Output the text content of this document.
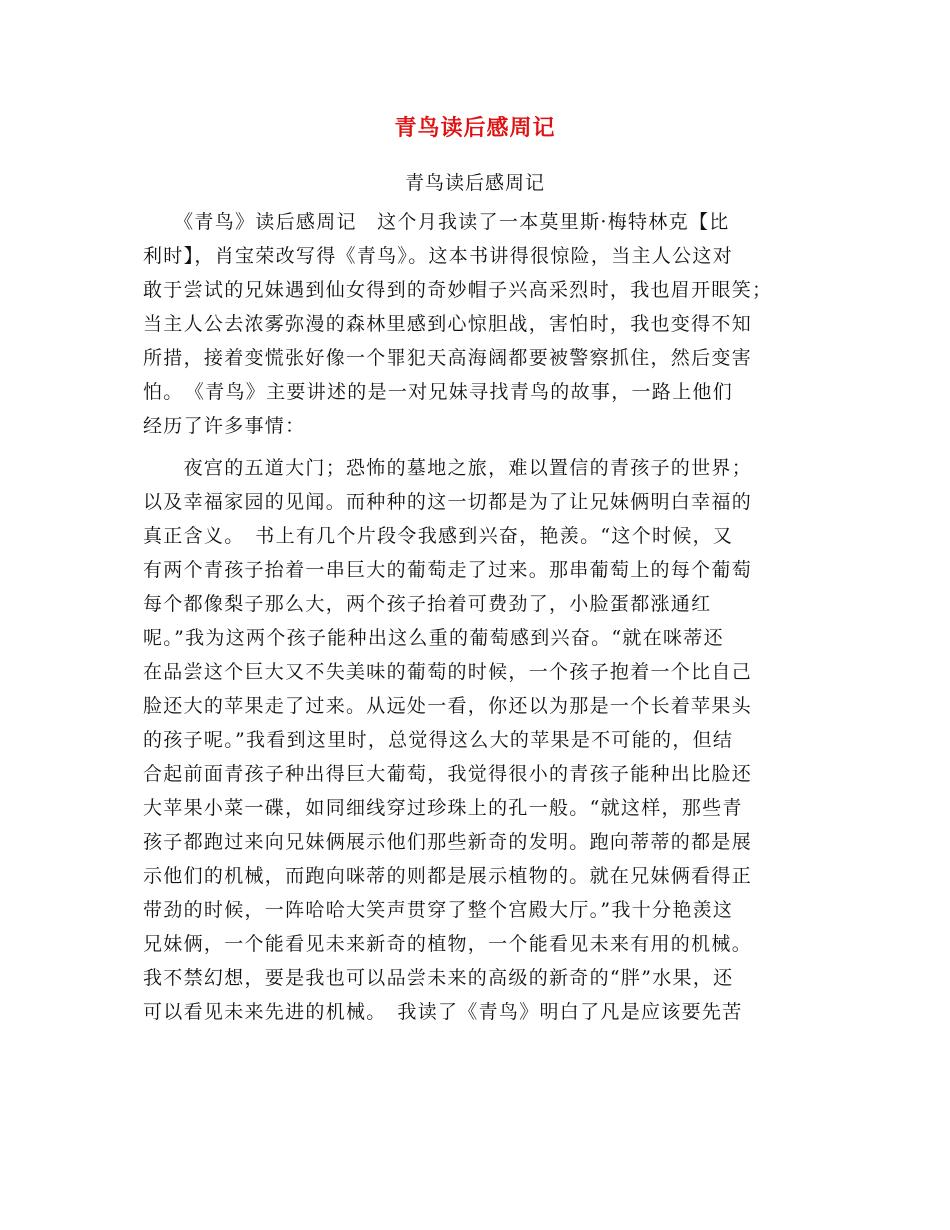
青鸟读后感周记
青鸟读后感周记
　　《青鸟》读后感周记　这个月我读了一本莫里斯·梅特林克【比
利时】，肖宝荣改写得《青鸟》。这本书讲得很惊险，当主人公这对
敢于尝试的兄妹遇到仙女得到的奇妙帽子兴高采烈时，我也眉开眼笑；
当主人公去浓雾弥漫的森林里感到心惊胆战，害怕时，我也变得不知
所措，接着变慌张好像一个罪犯天高海阔都要被警察抓住，然后变害
怕。　《青鸟》主要讲述的是一对兄妹寻找青鸟的故事，一路上他们
经历了许多事情：
　　夜宫的五道大门；恐怖的墓地之旅，难以置信的青孩子的世界；
以及幸福家园的见闻。而种种的这一切都是为了让兄妹俩明白幸福的
真正含义。　书上有几个片段令我感到兴奋，艳羡。“这个时候，又
有两个青孩子抬着一串巨大的葡萄走了过来。那串葡萄上的每个葡萄
每个都像梨子那么大，两个孩子抬着可费劲了，小脸蛋都涨通红
呢。”我为这两个孩子能种出这么重的葡萄感到兴奋。“就在咪蒂还
在品尝这个巨大又不失美味的葡萄的时候，一个孩子抱着一个比自己
脸还大的苹果走了过来。从远处一看，你还以为那是一个长着苹果头
的孩子呢。”我看到这里时，总觉得这么大的苹果是不可能的，但结
合起前面青孩子种出得巨大葡萄，我觉得很小的青孩子能种出比脸还
大苹果小菜一碟，如同细线穿过珍珠上的孔一般。“就这样，那些青
孩子都跑过来向兄妹俩展示他们那些新奇的发明。跑向蒂蒂的都是展
示他们的机械，而跑向咪蒂的则都是展示植物的。就在兄妹俩看得正
带劲的时候，一阵哈哈大笑声贯穿了整个宫殿大厅。”我十分艳羡这
兄妹俩，一个能看见未来新奇的植物，一个能看见未来有用的机械。
我不禁幻想，要是我也可以品尝未来的高级的新奇的“胖”水果，还
可以看见未来先进的机械。　我读了《青鸟》明白了凡是应该要先苦
